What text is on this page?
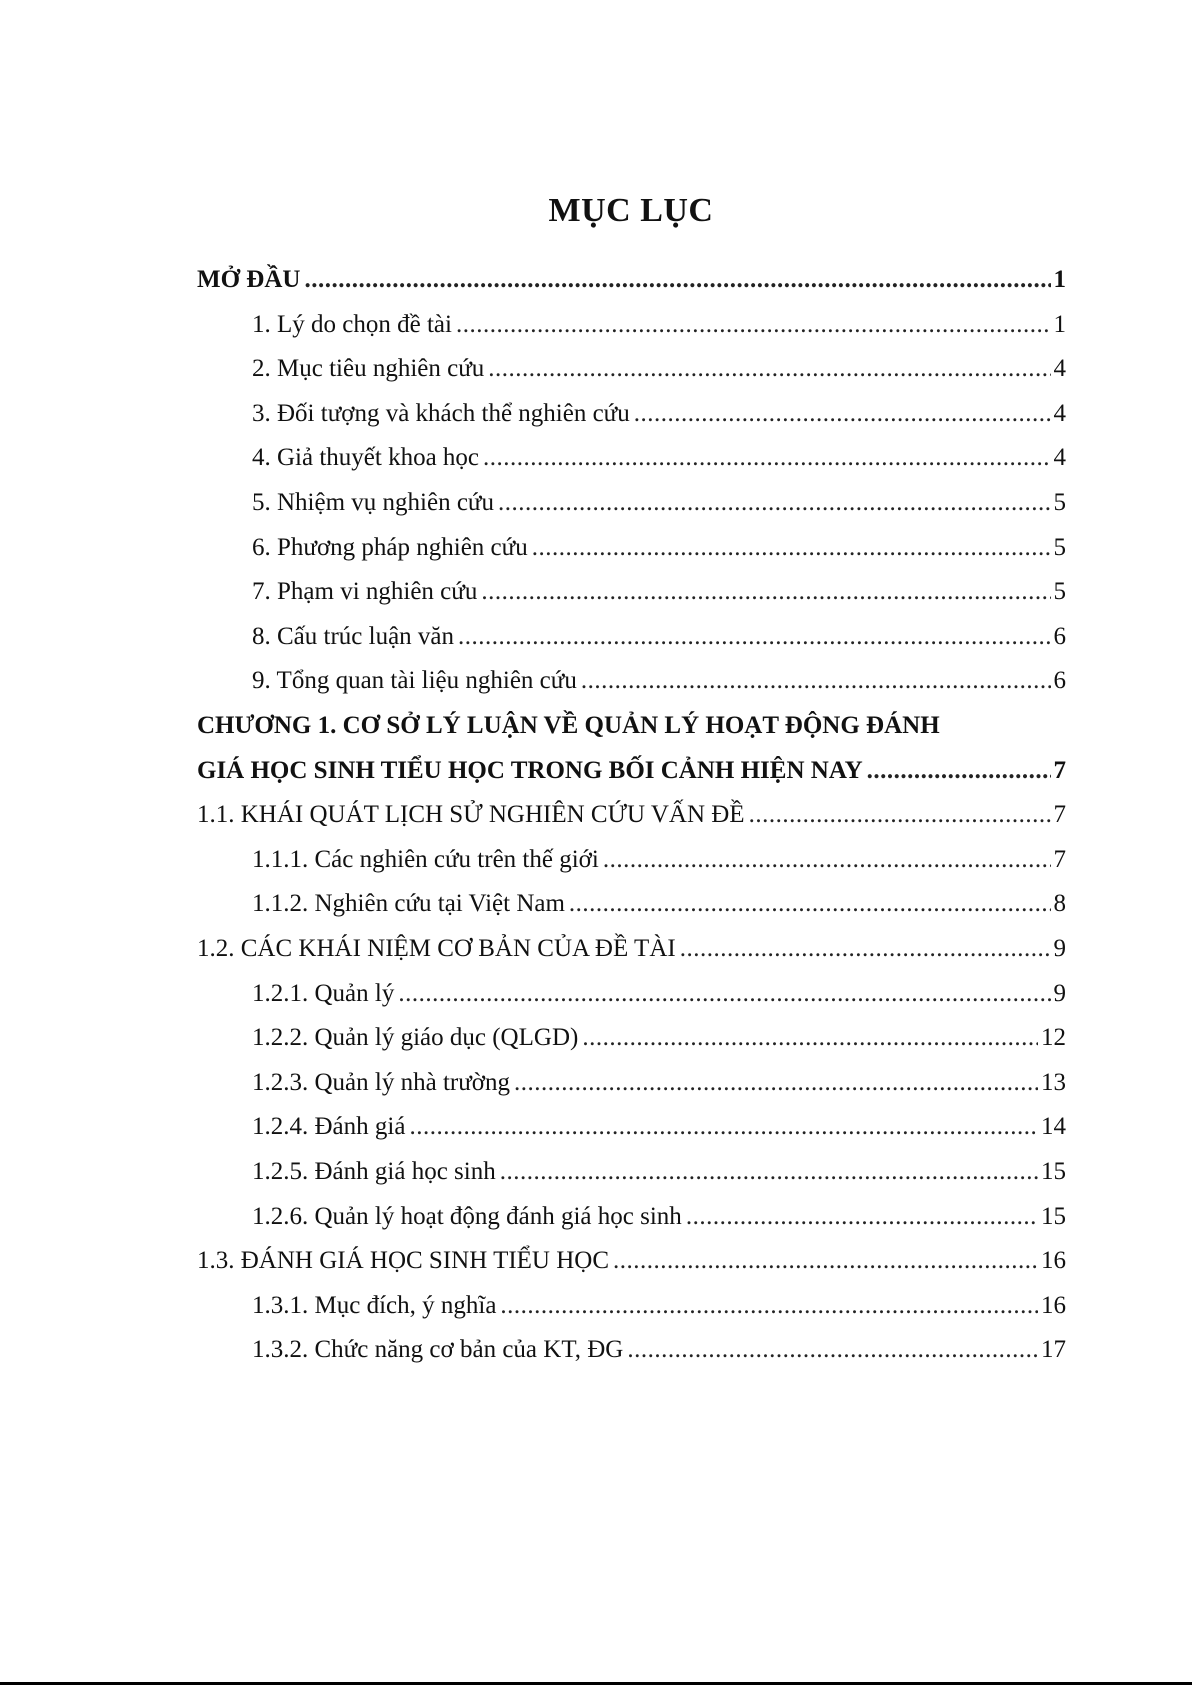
MỤC LỤC
MỞ ĐẦU .....	1
1. Lý do chọn đề tài .....	1
2. Mục tiêu nghiên cứu .....	4
3. Đối tượng và khách thể nghiên cứu .....	4
4. Giả thuyết khoa học .....	4
5. Nhiệm vụ nghiên cứu .....	5
6. Phương pháp nghiên cứu .....	5
7. Phạm vi nghiên cứu .....	5
8. Cấu trúc luận văn .....	6
9. Tổng quan tài liệu nghiên cứu .....	6
CHƯƠNG 1. CƠ SỞ LÝ LUẬN VỀ QUẢN LÝ HOẠT ĐỘNG ĐÁNH
GIÁ HỌC SINH TIỂU HỌC TRONG BỐI CẢNH HIỆN NAY .....	7
1.1. KHÁI QUÁT LỊCH SỬ NGHIÊN CỨU VẤN ĐỀ .....	7
1.1.1. Các nghiên cứu trên thế giới .....	7
1.1.2. Nghiên cứu tại Việt Nam .....	8
1.2. CÁC KHÁI NIỆM CƠ BẢN CỦA ĐỀ TÀI .....	9
1.2.1. Quản lý .....	9
1.2.2. Quản lý giáo dục (QLGD) .....	12
1.2.3. Quản lý nhà trường .....	13
1.2.4. Đánh giá .....	14
1.2.5. Đánh giá học sinh .....	15
1.2.6. Quản lý hoạt động đánh giá học sinh .....	15
1.3. ĐÁNH GIÁ HỌC SINH TIỂU HỌC .....	16
1.3.1. Mục đích, ý nghĩa .....	16
1.3.2. Chức năng cơ bản của KT, ĐG .....	17
